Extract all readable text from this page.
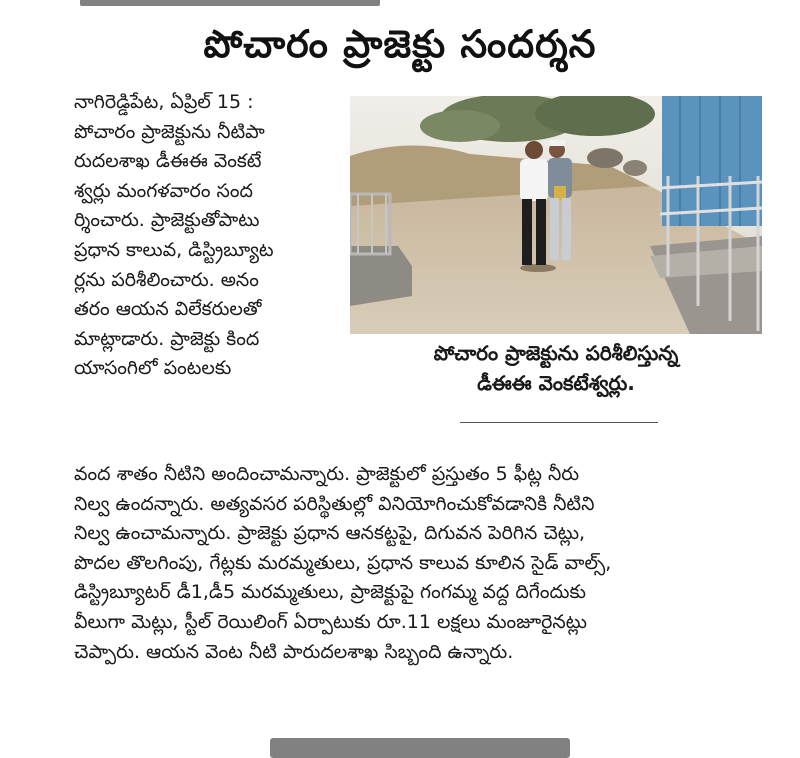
పోచారం ప్రాజెక్టు సందర్శన
నాగిరెడ్డిపేట, ఏప్రిల్ 15 :
పోచారం ప్రాజెక్టును నీటిపా
రుదలశాఖ డీఈఈ వెంకటే
శ్వర్లు మంగళవారం సంద
ర్శించారు. ప్రాజెక్టుతోపాటు
ప్రధాన కాలువ, డిస్ట్రిబ్యూట
ర్లను పరిశీలించారు. అనం
తరం ఆయన విలేకరులతో
మాట్లాడారు. ప్రాజెక్టు కింద
యాసంగిలో పంటలకు
పోచారం ప్రాజెక్టును పరిశీలిస్తున్న
డీఈఈ వెంకటేశ్వర్లు.
వంద శాతం నీటిని అందించామన్నారు. ప్రాజెక్టులో ప్రస్తుతం 5 ఫీట్ల నీరు
నిల్వ ఉందన్నారు. అత్యవసర పరిస్థితుల్లో వినియోగించుకోవడానికి నీటిని
నిల్వ ఉంచామన్నారు. ప్రాజెక్టు ప్రధాన ఆనకట్టపై, దిగువన పెరిగిన చెట్లు,
పొదల తొలగింపు, గేట్లకు మరమ్మతులు, ప్రధాన కాలువ కూలిన సైడ్ వాల్స్,
డిస్ట్రిబ్యూటర్ డీ1,డీ5 మరమ్మతులు, ప్రాజెక్టుపై గంగమ్మ వద్ద దిగేందుకు
వీలుగా మెట్లు, స్టీల్ రెయిలింగ్ ఏర్పాటుకు రూ.11 లక్షలు మంజూరైనట్లు
చెప్పారు. ఆయన వెంట నీటి పారుదలశాఖ సిబ్బంది ఉన్నారు.
